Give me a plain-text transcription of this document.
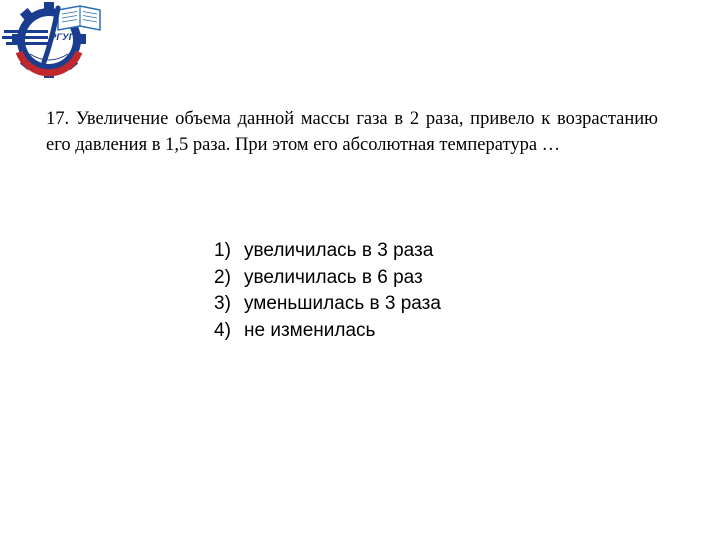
РГУПС

17. Увеличение объема данной массы газа в 2 раза, привело к возрастанию его давления в 1,5 раза. При этом его абсолютная температура …

1) увеличилась в 3 раза
2) увеличилась в 6 раз
3) уменьшилась в 3 раза
4) не изменилась
